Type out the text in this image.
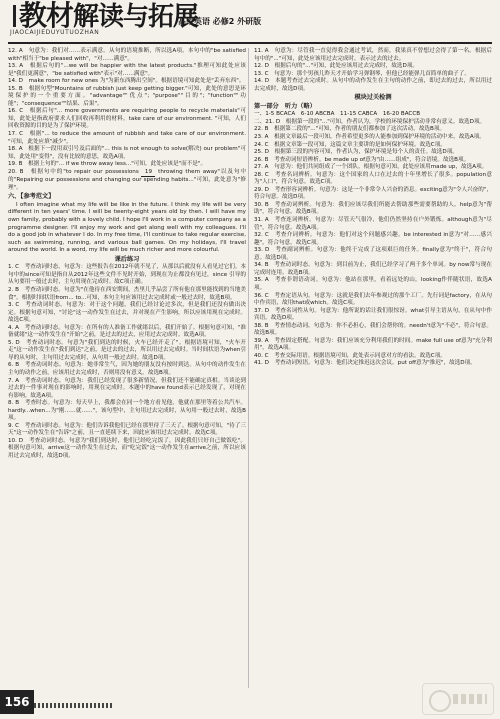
教材解读与拓展
JIAOCAIJIEDUYUTUOZHAN
高中英语 必修2 外研版

12. A　句意为：我们对……表示满意。从句的语境推断，所以选A项。本句中的"be satisfied with"相当于"be pleased with"，"对……满意"。

13. A　根据后句的"...we will be happier with the latest products."推理可知此处应该是"我们更满意"，"be satisfied with"表示"对……满意"。

14. D　make room for new ones 为"为新东西腾出空间"。根据语境可知此处是"丢弃东西"。

15. B　根据句型"Mountains of rubbish just keep getting bigger."可知，此处的意思是环境保护的一个重要方面。"advantage""优点"；"purpose""目的"；"function""功能"；"consequence""结果、后果"。

16. C　根据后句"... more governments are requiring people to recycle materials"可知，此处是指政府要求人们回收再利用的材料。take care of our environment. "可知，人们回收资源的目的是为了保护环境。

17. C　根据"... to reduce the amount of rubbish and take care of our environment. "可知，此处应填"减少"。

18. A　根据下一段用双引号及后面的"... this is not enough to solve(解决) our problem"可知，此处用"变得"，没有比较的意思，故选A项。

19. B　根据上句的"... if we throw away less..."可知，此处应该是"而不是"。

20. B　根据句中的"to repair our possessions 19 throwing them away"以及句中的"Repairing our possessions and changing our spending habits..."可知，此处意为"修理"。

六、【参考范文】

I often imagine what my life will be like in the future. I think my life will be very different in ten years' time. I will be twenty-eight years old by then. I will have my own family, probably with a lovely child. I hope I'll work in a computer company as a programme designer. I'll enjoy my work and get along well with my colleagues. I'll do a good job in whatever I do. In my free time, I'll continue to take regular exercise, such as swimming, running, and various ball games. On my holidays, I'll travel around the world. In a word, my life will be much richer and more colourful.

课后练习

1. C　考查动词时态。句意为：这些报告在2012年就不见了，从那以后就没有人看见过它们。本句中的since可知是指自从2012年这些文件不见时开始，到现在为止都没有见过，since 引导的从句要用一般过去时，主句用现在完成时。故C项正确。

2. B　考查动词时态。句意为"在他待在西安期间，杰里几乎品尝了所有他在那里能找到的当地美食"。根据时间状语from... to...可知，本句主句应该用过去完成时或一般过去时，故选B项。

3. C　考查动词时态。句意为：对于这个问题，我们已经讨论过多次，但是我们还没有做出决定。根据句意可知，"讨论"这一动作发生在过去，并对现在产生影响，所以应该用现在完成时。故选C项。

4. A　考查动词时态。句意为：在所有的人准备工作就绪以后，我们开始了。根据句意可知，"准备就绪"这一动作发生在"开始"之前，是过去的过去，应用过去完成时。故选A项。

5. D　考查动词时态。句意为"我们到达的时候，火车已经开走了"。根据语境可知，"火车开走"这一动作发生在"我们到达"之前，是过去的过去，所以用过去完成时。当时间状语为when引导的从句时，主句用过去完成时，从句用一般过去时。故选D项。

6. B　考查动词时态。句意为：她非常生气，因为她的朋友没有按时到达。从句中的动作发生在主句的动作之前，应该用过去完成时，否则用没有意义。故选B项。

7. A　考查动词时态。句意为：我们已经发现了很多新情况，但我们还不能确定真相。当谈论到过去的一件事对现在的影响时，用现在完成时。本题中的have found表示已经发现了，对现在有影响。故选A项。

8. B　考查时态。句意为：每天早上，我都会在同一个地方看见他，他就在那里等着公共汽车。hardly...when...为"刚……就……"，该句型中，主句用过去完成时，从句用一般过去时，故选B项。

9. C　考查动词时态。句意为：他们告诉我他们已经在那里待了三天了。根据句意可知，"待了三天"这一动作发生在"告诉"之前，且一直延续下来，因此应该用过去完成时。故选C项。

10. D　考查动词时态。句意为"我们到达时，他们已经吃完饭了，因此我们只好自己做饭吃"。根据句意可知，arrive这一动作发生在过去，而"吃完饭"这一动作发生在arrive之前，所以应该用过去完成时，故选D项。

11. A　句意为：尽管我一直觉得我会通过考试，然而，我果真不曾想过会得了第一名。根据后句中的"..."可知，此处应该用过去完成时，表示过去的过去。

12. D　根据后句的"..."可知，此处应该用过去完成时，故选D项。

13. C　句意为：那个男孩儿昨天才开始学习弹钢琴，但他已经能弹几首简单的曲子了。

14. D　本题考查过去完成时。从句中的动作发生在主句的动作之前，即过去的过去，所以用过去完成时，故选D项。

模块过关检测
第一部分　听力（略）

一、1-5 BCACA　6-10 ABCBA　11-15 CABCA　16-20 BACCB

二、21. D　根据第一段的"..."可知，作者认为，学校的环境保护活动非常有意义。故选D项。

22. B　根据第二段的"..."可知，作者的朋友们都参加了这次活动。故选B项。

23. A　根据文章最后一段可知，作者希望更多的人能参加到保护环境的活动中来。故选A项。

24. C　根据文章第一段可知，这篇文章主要讲的是如何保护环境。故选C项。

25. D　根据第三段的内容可知，作者认为，保护环境是每个人的责任。故选D项。

26. B　考查动词短语辨析。be made up of意为"由……组成"，符合语境。故选B项。

27. A　句意为：他们共同组成了一个团队。根据句意可知，此处应该用made up，故选A项。

28. C　考查名词辨析。句意为：这个国家的人口在过去的十年里增长了很多。population意为"人口"，符合句意。故选C项。

29. D　考查形容词辨析。句意为：这是一个非常令人兴奋的消息。exciting意为"令人兴奋的"，符合句意。故选D项。

30. B　考查动词辨析。句意为：我们应该尽我们所能去帮助那些需要帮助的人。help意为"帮助"，符合句意。故选B项。

31. A　考查连词辨析。句意为：尽管天气很冷，他们仍然坚持在户外锻炼。although意为"尽管"，符合句意。故选A项。

32. C　考查介词辨析。句意为：他们对这个问题感兴趣。be interested in意为"对……感兴趣"，符合句意。故选C项。

33. D　考查副词辨析。句意为：他终于完成了这项艰巨的任务。finally意为"终于"，符合句意。故选D项。

34. B　考查动词时态。句意为：到目前为止，我们已经学习了两千多个单词。by now常与现在完成时连用。故选B项。

35. A　考查非谓语动词。句意为：他站在那里，看着远处的山。looking作伴随状语，故选A项。

36. C　考查定语从句。句意为：这就是我们去年参观过的那个工厂。先行词是factory，在从句中作宾语，故用that或which。故选C项。

37. D　考查名词性从句。句意为：他所说的话让我们很惊讶。what引导主语从句，在从句中作宾语。故选D项。

38. B　考查情态动词。句意为：你不必担心，我们会帮你的。needn't意为"不必"，符合句意。故选B项。

39. A　考查固定搭配。句意为：我们应该充分利用我们的时间。make full use of意为"充分利用"，故选A项。

40. C　考查交际用语。根据语境可知，此处表示同意对方的看法。故选C项。

41. D　考查动词短语。句意为：他们决定推迟这次会议。put off意为"推迟"，故选D项。

156
